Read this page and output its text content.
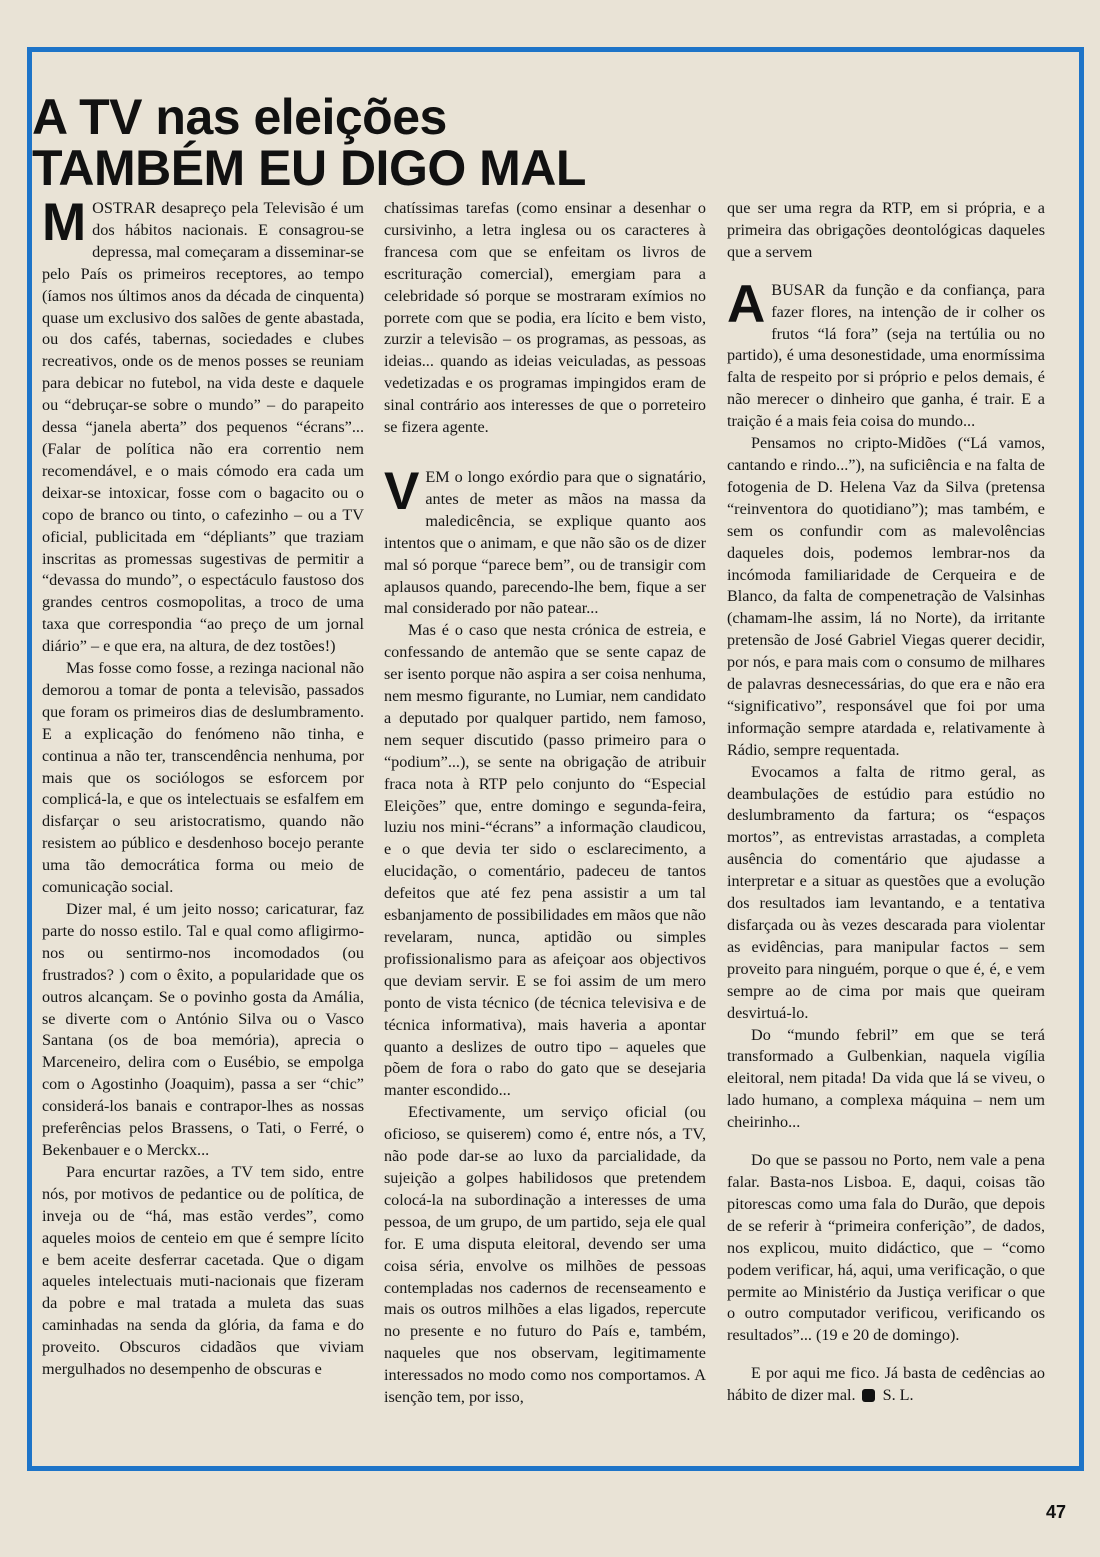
A TV nas eleições
TAMBÉM EU DIGO MAL

MOSTRAR desapreço pela Televisão é um dos hábitos nacionais. E consagrou-se depressa, mal começaram a disseminar-se pelo País os primeiros receptores, ao tempo (íamos nos últimos anos da década de cinquenta) quase um exclusivo dos salões de gente abastada, ou dos cafés, tabernas, sociedades e clubes recreativos, onde os de menos posses se reuniam para debicar no futebol, na vida deste e daquele ou “debruçar-se sobre o mundo” – do parapeito dessa “janela aberta” dos pequenos “écrans”... (Falar de política não era correntio nem recomendável, e o mais cómodo era cada um deixar-se intoxicar, fosse com o bagacito ou o copo de branco ou tinto, o cafezinho – ou a TV oficial, publicitada em “dépliants” que traziam inscritas as promessas sugestivas de permitir a “devassa do mundo”, o espectáculo faustoso dos grandes centros cosmopolitas, a troco de uma taxa que correspondia “ao preço de um jornal diário” – e que era, na altura, de dez tostões!)

Mas fosse como fosse, a rezinga nacional não demorou a tomar de ponta a televisão, passados que foram os primeiros dias de deslumbramento. E a explicação do fenómeno não tinha, e continua a não ter, transcendência nenhuma, por mais que os sociólogos se esforcem por complicá-la, e que os intelectuais se esfalfem em disfarçar o seu aristocratismo, quando não resistem ao público e desdenhoso bocejo perante uma tão democrática forma ou meio de comunicação social.

Dizer mal, é um jeito nosso; caricaturar, faz parte do nosso estilo. Tal e qual como afligirmo-nos ou sentirmo-nos incomodados (ou frustrados? ) com o êxito, a popularidade que os outros alcançam. Se o povinho gosta da Amália, se diverte com o António Silva ou o Vasco Santana (os de boa memória), aprecia o Marceneiro, delira com o Eusébio, se empolga com o Agostinho (Joaquim), passa a ser “chic” considerá-los banais e contrapor-lhes as nossas preferências pelos Brassens, o Tati, o Ferré, o Bekenbauer e o Merckx...

Para encurtar razões, a TV tem sido, entre nós, por motivos de pedantice ou de política, de inveja ou de “há, mas estão verdes”, como aqueles moios de centeio em que é sempre lícito e bem aceite desferrar cacetada. Que o digam aqueles intelectuais muti-nacionais que fizeram da pobre e mal tratada a muleta das suas caminhadas na senda da glória, da fama e do proveito. Obscuros cidadãos que viviam mergulhados no desempenho de obscuras e

chatíssimas tarefas (como ensinar a desenhar o cursivinho, a letra inglesa ou os caracteres à francesa com que se enfeitam os livros de escrituração comercial), emergiam para a celebridade só porque se mostraram exímios no porrete com que se podia, era lícito e bem visto, zurzir a televisão – os programas, as pessoas, as ideias... quando as ideias veiculadas, as pessoas vedetizadas e os programas impingidos eram de sinal contrário aos interesses de que o porreteiro se fizera agente.

VEM o longo exórdio para que o signatário, antes de meter as mãos na massa da maledicência, se explique quanto aos intentos que o animam, e que não são os de dizer mal só porque “parece bem”, ou de transigir com aplausos quando, parecendo-lhe bem, fique a ser mal considerado por não patear...

Mas é o caso que nesta crónica de estreia, e confessando de antemão que se sente capaz de ser isento porque não aspira a ser coisa nenhuma, nem mesmo figurante, no Lumiar, nem candidato a deputado por qualquer partido, nem famoso, nem sequer discutido (passo primeiro para o “podium”...), se sente na obrigação de atribuir fraca nota à RTP pelo conjunto do “Especial Eleições” que, entre domingo e segunda-feira, luziu nos mini-“écrans” a informação claudicou, e o que devia ter sido o esclarecimento, a elucidação, o comentário, padeceu de tantos defeitos que até fez pena assistir a um tal esbanjamento de possibilidades em mãos que não revelaram, nunca, aptidão ou simples profissionalismo para as afeiçoar aos objectivos que deviam servir. E se foi assim de um mero ponto de vista técnico (de técnica televisiva e de técnica informativa), mais haveria a apontar quanto a deslizes de outro tipo – aqueles que põem de fora o rabo do gato que se desejaria manter escondido...

Efectivamente, um serviço oficial (ou oficioso, se quiserem) como é, entre nós, a TV, não pode dar-se ao luxo da parcialidade, da sujeição a golpes habilidosos que pretendem colocá-la na subordinação a interesses de uma pessoa, de um grupo, de um partido, seja ele qual for. E uma disputa eleitoral, devendo ser uma coisa séria, envolve os milhões de pessoas contempladas nos cadernos de recenseamento e mais os outros milhões a elas ligados, repercute no presente e no futuro do País e, também, naqueles que nos observam, legitimamente interessados no modo como nos comportamos. A isenção tem, por isso,

que ser uma regra da RTP, em si própria, e a primeira das obrigações deontológicas daqueles que a servem

ABUSAR da função e da confiança, para fazer flores, na intenção de ir colher os frutos “lá fora” (seja na tertúlia ou no partido), é uma desonestidade, uma enormíssima falta de respeito por si próprio e pelos demais, é não merecer o dinheiro que ganha, é trair. E a traição é a mais feia coisa do mundo...

Pensamos no cripto-Midões (“Lá vamos, cantando e rindo...”), na suficiência e na falta de fotogenia de D. Helena Vaz da Silva (pretensa “reinventora do quotidiano”); mas também, e sem os confundir com as malevolências daqueles dois, podemos lembrar-nos da incómoda familiaridade de Cerqueira e de Blanco, da falta de compenetração de Valsinhas (chamam-lhe assim, lá no Norte), da irritante pretensão de José Gabriel Viegas querer decidir, por nós, e para mais com o consumo de milhares de palavras desnecessárias, do que era e não era “significativo”, responsável que foi por uma informação sempre atardada e, relativamente à Rádio, sempre requentada.

Evocamos a falta de ritmo geral, as deambulações de estúdio para estúdio no deslumbramento da fartura; os “espaços mortos”, as entrevistas arrastadas, a completa ausência do comentário que ajudasse a interpretar e a situar as questões que a evolução dos resultados iam levantando, e a tentativa disfarçada ou às vezes descarada para violentar as evidências, para manipular factos – sem proveito para ninguém, porque o que é, é, e vem sempre ao de cima por mais que queiram desvirtuá-lo.

Do “mundo febril” em que se terá transformado a Gulbenkian, naquela vigília eleitoral, nem pitada! Da vida que lá se viveu, o lado humano, a complexa máquina – nem um cheirinho...

Do que se passou no Porto, nem vale a pena falar. Basta-nos Lisboa. E, daqui, coisas tão pitorescas como uma fala do Durão, que depois de se referir à “primeira conferição”, de dados, nos explicou, muito didáctico, que – “como podem verificar, há, aqui, uma verificação, o que permite ao Ministério da Justiça verificar o que o outro computador verificou, verificando os resultados”... (19 e 20 de domingo).

E por aqui me fico. Já basta de cedências ao hábito de dizer mal. S. L.

47
